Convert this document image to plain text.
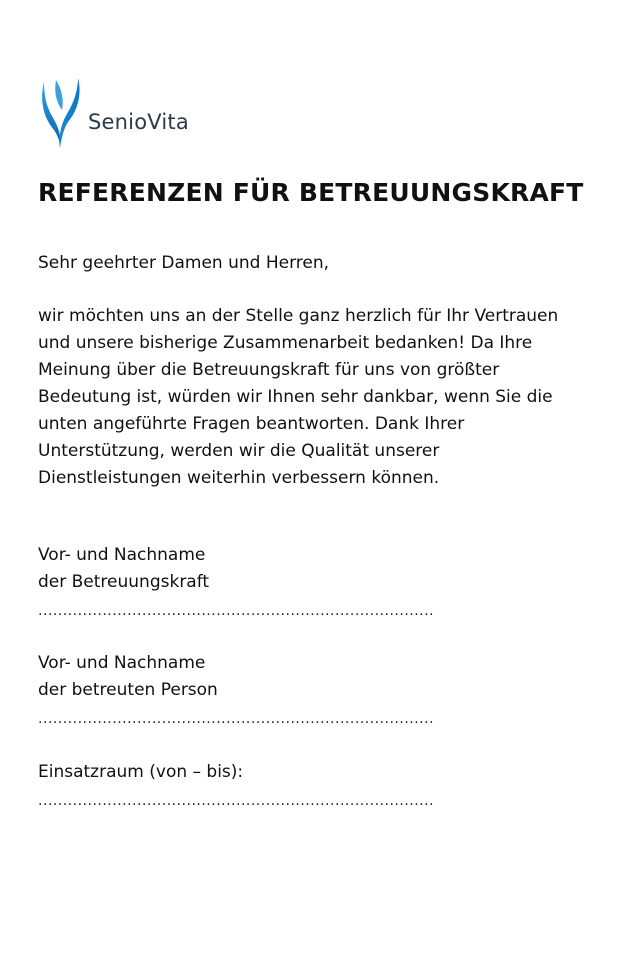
SenioVita
REFERENZEN FÜR BETREUUNGSKRAFT

Sehr geehrter Damen und Herren,

wir möchten uns an der Stelle ganz herzlich für Ihr Vertrauen und unsere bisherige Zusammenarbeit bedanken! Da Ihre Meinung über die Betreuungskraft für uns von größter Bedeutung ist, würden wir Ihnen sehr dankbar, wenn Sie die unten angeführte Fragen beantworten. Dank Ihrer Unterstützung, werden wir die Qualität unserer Dienstleistungen weiterhin verbessern können.

Vor- und Nachname
der Betreuungskraft
................................................................................
Vor- und Nachname
der betreuten Person
................................................................................
Einsatzraum (von – bis):
................................................................................
